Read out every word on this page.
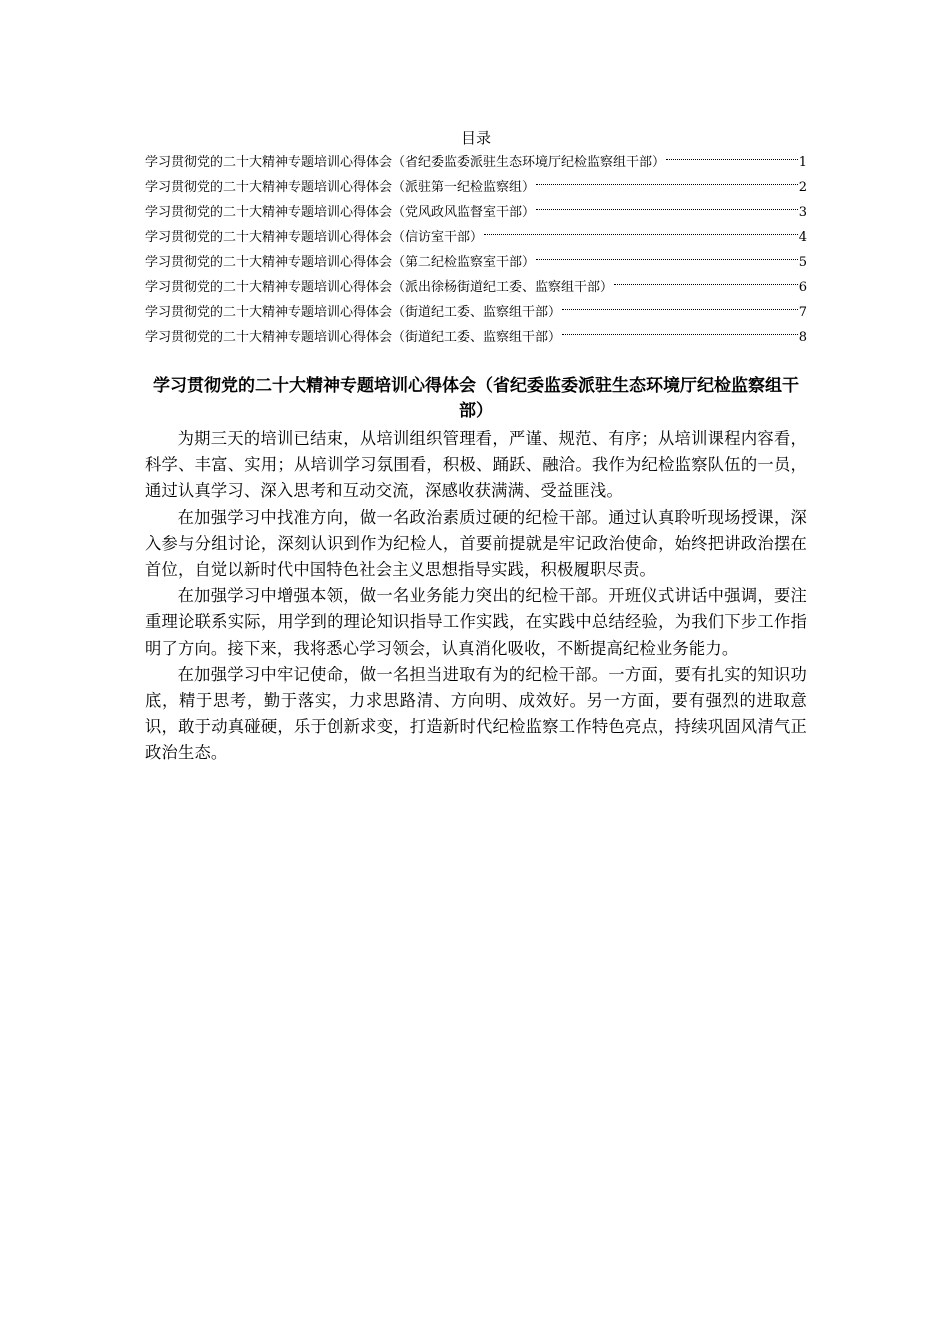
目录
学习贯彻党的二十大精神专题培训心得体会（省纪委监委派驻生态环境厅纪检监察组干部）	1
学习贯彻党的二十大精神专题培训心得体会（派驻第一纪检监察组）	2
学习贯彻党的二十大精神专题培训心得体会（党风政风监督室干部）	3
学习贯彻党的二十大精神专题培训心得体会（信访室干部）	4
学习贯彻党的二十大精神专题培训心得体会（第二纪检监察室干部）	5
学习贯彻党的二十大精神专题培训心得体会（派出徐杨街道纪工委、监察组干部）	6
学习贯彻党的二十大精神专题培训心得体会（街道纪工委、监察组干部）	7
学习贯彻党的二十大精神专题培训心得体会（街道纪工委、监察组干部）	8
学习贯彻党的二十大精神专题培训心得体会（省纪委监委派驻生态环境厅纪检监察组干部）

为期三天的培训已结束，从培训组织管理看，严谨、规范、有序；从培训课程内容看，科学、丰富、实用；从培训学习氛围看，积极、踊跃、融洽。我作为纪检监察队伍的一员，通过认真学习、深入思考和互动交流，深感收获满满、受益匪浅。

在加强学习中找准方向，做一名政治素质过硬的纪检干部。通过认真聆听现场授课，深入参与分组讨论，深刻认识到作为纪检人，首要前提就是牢记政治使命，始终把讲政治摆在首位，自觉以新时代中国特色社会主义思想指导实践，积极履职尽责。

在加强学习中增强本领，做一名业务能力突出的纪检干部。开班仪式讲话中强调，要注重理论联系实际，用学到的理论知识指导工作实践，在实践中总结经验，为我们下步工作指明了方向。接下来，我将悉心学习领会，认真消化吸收，不断提高纪检业务能力。

在加强学习中牢记使命，做一名担当进取有为的纪检干部。一方面，要有扎实的知识功底，精于思考，勤于落实，力求思路清、方向明、成效好。另一方面，要有强烈的进取意识，敢于动真碰硬，乐于创新求变，打造新时代纪检监察工作特色亮点，持续巩固风清气正政治生态。
